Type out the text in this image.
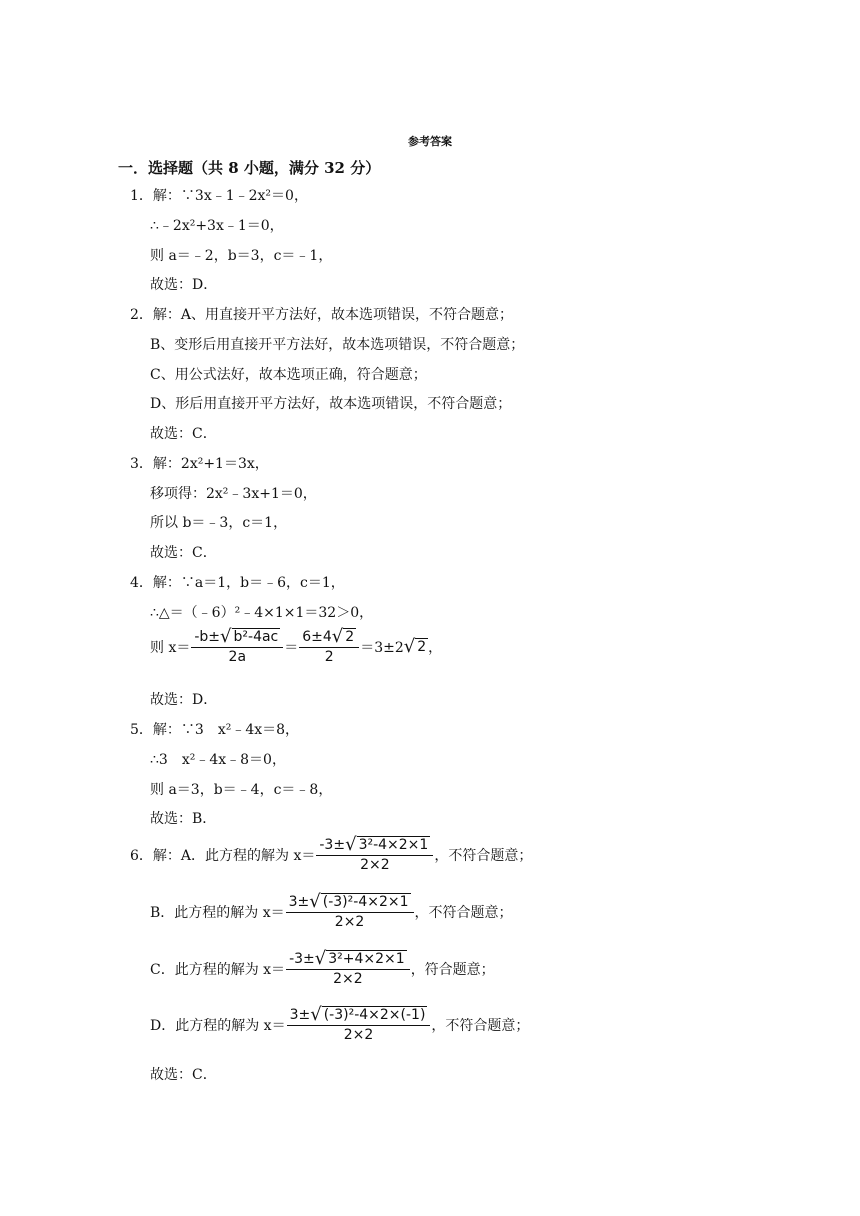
参考答案
一．选择题（共 8 小题，满分 32 分）
1．解：∵3x﹣1﹣2x²＝0，
∴﹣2x²+3x﹣1＝0，
则 a＝﹣2，b＝3，c＝﹣1，
故选：D．
2．解：A、用直接开平方法好，故本选项错误，不符合题意；
B、变形后用直接开平方法好，故本选项错误，不符合题意；
C、用公式法好，故本选项正确，符合题意；
D、形后用直接开平方法好，故本选项错误，不符合题意；
故选：C．
3．解：2x²+1＝3x，
移项得：2x²﹣3x+1＝0，
所以 b＝﹣3，c＝1，
故选：C．
4．解：∵a＝1，b＝﹣6，c＝1，
∴△＝（﹣6）²﹣4×1×1＝32＞0，
则 $x= \frac{\text{-b± √ b²-4ac}}{2a} = \frac{6\pm 4 √ 2}{2} =3\pm 2$ √ 2 ，
故选：D．
5．解：∵3　x²﹣4x＝8，
∴3　x²﹣4x﹣8＝0，
则 a＝3，b＝﹣4，c＝﹣8，
故选：B．
6．解：A．此方程的解为 $x= \frac{\text{-3± √ 3²-4×2×1}}{2\times 2}$ ，不符合题意；
B．此方程的解为 $x= \frac{\text{3± √ (-3)²-4×2×1}}{2\times 2}$ ，不符合题意；
C．此方程的解为 $x= \frac{\text{-3± √ 3²+4×2×1}}{2\times 2}$ ，符合题意；
D．此方程的解为 $x= \frac{\text{3± √ (-3)²-4×2×(-1)}}{2\times 2}$ ，不符合题意；
故选：C．
